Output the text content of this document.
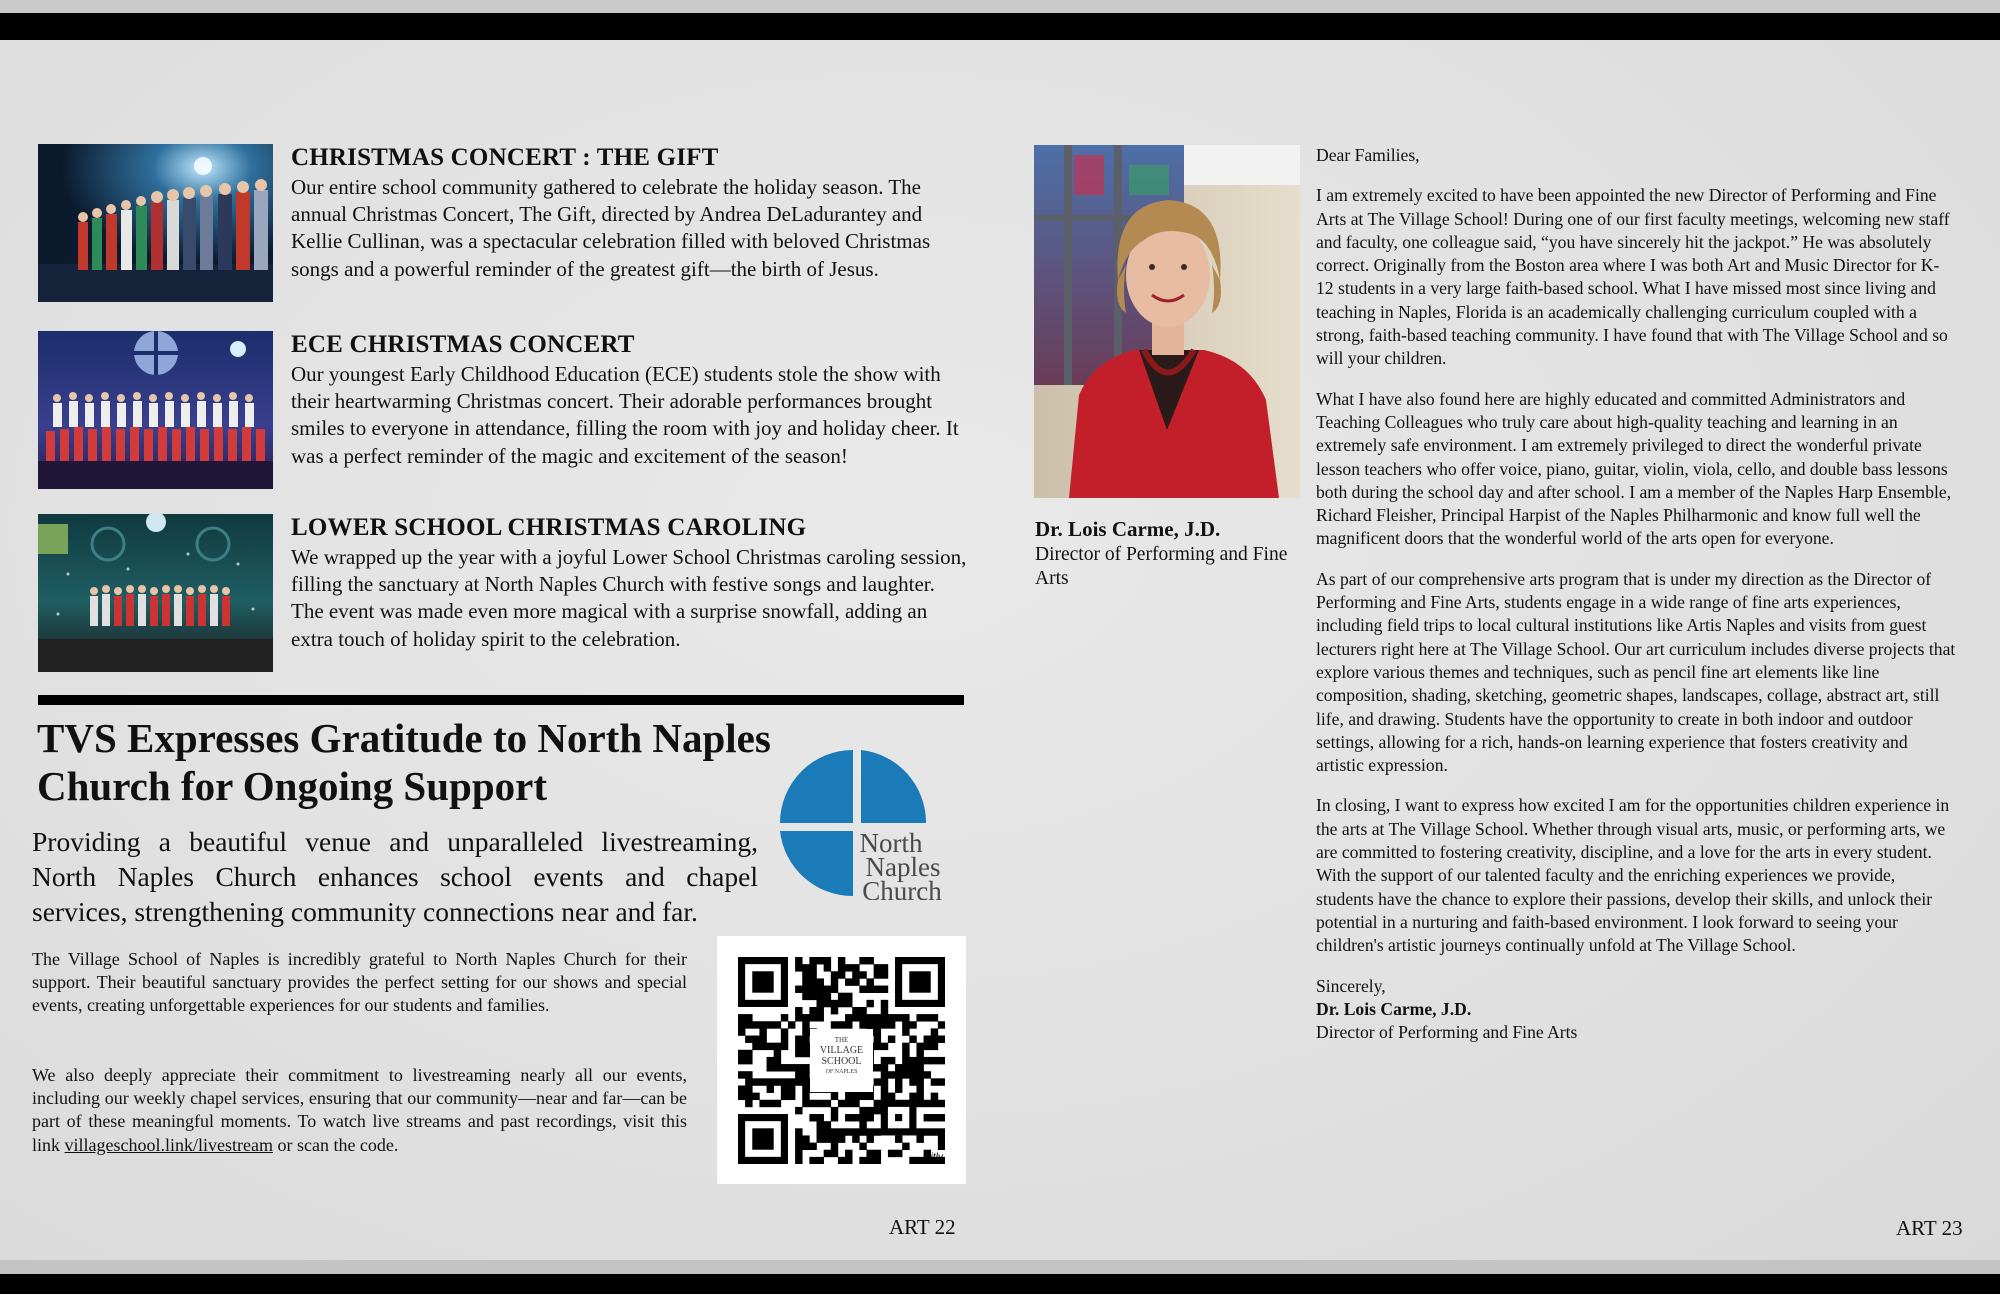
CHRISTMAS CONCERT : THE GIFT

Our entire school community gathered to celebrate the holiday season. The annual Christmas Concert, The Gift, directed by Andrea DeLadurantey and Kellie Cullinan, was a spectacular celebration filled with beloved Christmas songs and a powerful reminder of the greatest gift—the birth of Jesus.

ECE CHRISTMAS CONCERT

Our youngest Early Childhood Education (ECE) students stole the show with their heartwarming Christmas concert. Their adorable performances brought smiles to everyone in attendance, filling the room with joy and holiday cheer. It was a perfect reminder of the magic and excitement of the season!

LOWER SCHOOL CHRISTMAS CAROLING

We wrapped up the year with a joyful Lower School Christmas caroling session, filling the sanctuary at North Naples Church with festive songs and laughter. The event was made even more magical with a surprise snowfall, adding an extra touch of holiday spirit to the celebration.

TVS Expresses Gratitude to North Naples Church for Ongoing Support

Providing a beautiful venue and unparalleled livestreaming, North Naples Church enhances school events and chapel services, strengthening community connections near and far.

The Village School of Naples is incredibly grateful to North Naples Church for their support. Their beautiful sanctuary provides the perfect setting for our shows and special events, creating unforgettable experiences for our students and families.

We also deeply appreciate their commitment to livestreaming nearly all our events, including our weekly chapel services, ensuring that our community—near and far—can be part of these meaningful moments. To watch live streams and past recordings, visit this link villageschool.link/livestream or scan the code.

North
Naples
Church
THE
VILLAGE
SCHOOL
OF NAPLES
bitly
ART 22

Dr. Lois Carme, J.D.

Director of Performing and Fine Arts

Dear Families,

I am extremely excited to have been appointed the new Director of Performing and Fine Arts at The Village School! During one of our first faculty meetings, welcoming new staff and faculty, one colleague said, “you have sincerely hit the jackpot.” He was absolutely correct. Originally from the Boston area where I was both Art and Music Director for K-12 students in a very large faith-based school. What I have missed most since living and teaching in Naples, Florida is an academically challenging curriculum coupled with a strong, faith-based teaching community. I have found that with The Village School and so will your children.

What I have also found here are highly educated and committed Administrators and Teaching Colleagues who truly care about high-quality teaching and learning in an extremely safe environment. I am extremely privileged to direct the wonderful private lesson teachers who offer voice, piano, guitar, violin, viola, cello, and double bass lessons both during the school day and after school. I am a member of the Naples Harp Ensemble, Richard Fleisher, Principal Harpist of the Naples Philharmonic and know full well the magnificent doors that the wonderful world of the arts open for everyone.

As part of our comprehensive arts program that is under my direction as the Director of Performing and Fine Arts, students engage in a wide range of fine arts experiences, including field trips to local cultural institutions like Artis Naples and visits from guest lecturers right here at The Village School. Our art curriculum includes diverse projects that explore various themes and techniques, such as pencil fine art elements like line composition, shading, sketching, geometric shapes, landscapes, collage, abstract art, still life, and drawing. Students have the opportunity to create in both indoor and outdoor settings, allowing for a rich, hands-on learning experience that fosters creativity and artistic expression.

In closing, I want to express how excited I am for the opportunities children experience in the arts at The Village School. Whether through visual arts, music, or performing arts, we are committed to fostering creativity, discipline, and a love for the arts in every student. With the support of our talented faculty and the enriching experiences we provide, students have the chance to explore their passions, develop their skills, and unlock their potential in a nurturing and faith-based environment. I look forward to seeing your children's artistic journeys continually unfold at The Village School.

Sincerely,

Dr. Lois Carme, J.D.

Director of Performing and Fine Arts

ART 23
